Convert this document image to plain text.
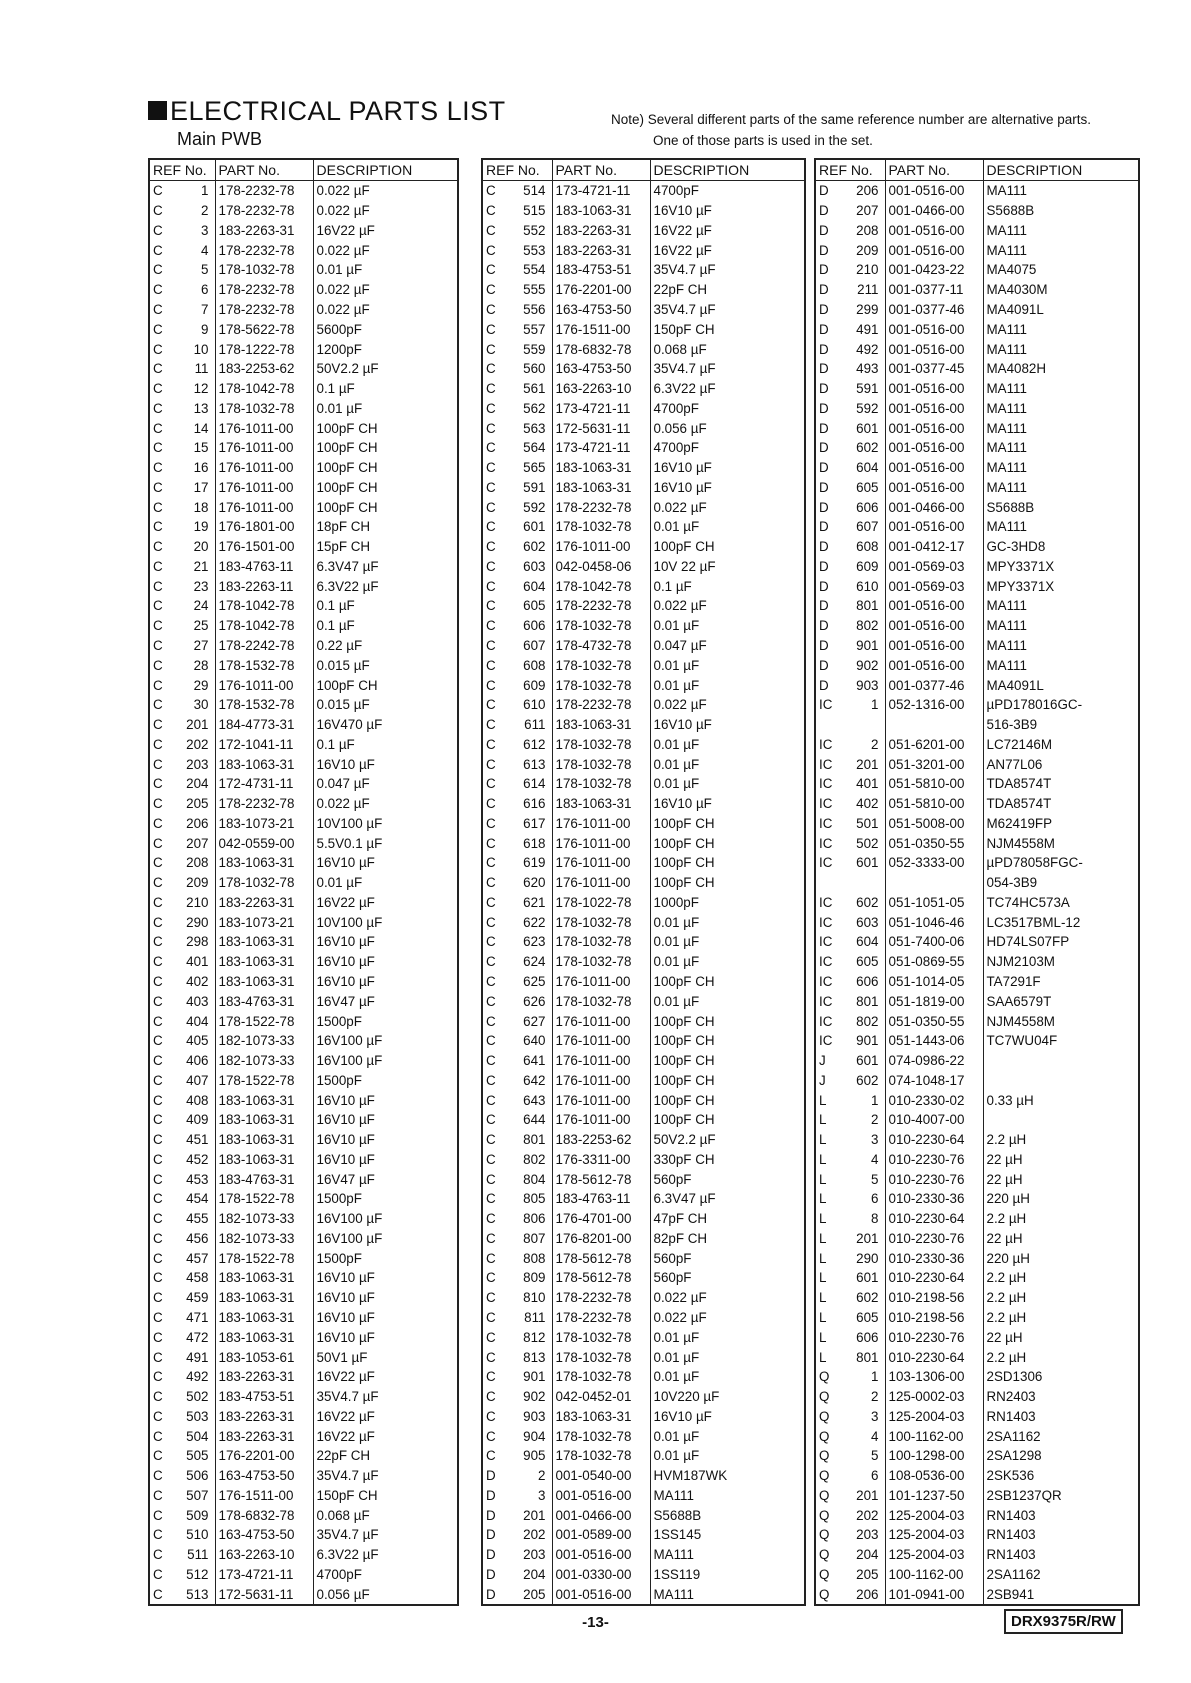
ELECTRICAL PARTS LIST
Main PWB
Note) Several different parts of the same reference number are alternative parts.
One of those parts is used in the set.
REF No.		PART No.	DESCRIPTION
C	1	178-2232-78	0.022 µF
C	2	178-2232-78	0.022 µF
C	3	183-2263-31	16V22 µF
C	4	178-2232-78	0.022 µF
C	5	178-1032-78	0.01 µF
C	6	178-2232-78	0.022 µF
C	7	178-2232-78	0.022 µF
C	9	178-5622-78	5600pF
C	10	178-1222-78	1200pF
C	11	183-2253-62	50V2.2 µF
C	12	178-1042-78	0.1 µF
C	13	178-1032-78	0.01 µF
C	14	176-1011-00	100pF CH
C	15	176-1011-00	100pF CH
C	16	176-1011-00	100pF CH
C	17	176-1011-00	100pF CH
C	18	176-1011-00	100pF CH
C	19	176-1801-00	18pF CH
C	20	176-1501-00	15pF CH
C	21	183-4763-11	6.3V47 µF
C	23	183-2263-11	6.3V22 µF
C	24	178-1042-78	0.1 µF
C	25	178-1042-78	0.1 µF
C	27	178-2242-78	0.22 µF
C	28	178-1532-78	0.015 µF
C	29	176-1011-00	100pF CH
C	30	178-1532-78	0.015 µF
C	201	184-4773-31	16V470 µF
C	202	172-1041-11	0.1 µF
C	203	183-1063-31	16V10 µF
C	204	172-4731-11	0.047 µF
C	205	178-2232-78	0.022 µF
C	206	183-1073-21	10V100 µF
C	207	042-0559-00	5.5V0.1 µF
C	208	183-1063-31	16V10 µF
C	209	178-1032-78	0.01 µF
C	210	183-2263-31	16V22 µF
C	290	183-1073-21	10V100 µF
C	298	183-1063-31	16V10 µF
C	401	183-1063-31	16V10 µF
C	402	183-1063-31	16V10 µF
C	403	183-4763-31	16V47 µF
C	404	178-1522-78	1500pF
C	405	182-1073-33	16V100 µF
C	406	182-1073-33	16V100 µF
C	407	178-1522-78	1500pF
C	408	183-1063-31	16V10 µF
C	409	183-1063-31	16V10 µF
C	451	183-1063-31	16V10 µF
C	452	183-1063-31	16V10 µF
C	453	183-4763-31	16V47 µF
C	454	178-1522-78	1500pF
C	455	182-1073-33	16V100 µF
C	456	182-1073-33	16V100 µF
C	457	178-1522-78	1500pF
C	458	183-1063-31	16V10 µF
C	459	183-1063-31	16V10 µF
C	471	183-1063-31	16V10 µF
C	472	183-1063-31	16V10 µF
C	491	183-1053-61	50V1 µF
C	492	183-2263-31	16V22 µF
C	502	183-4753-51	35V4.7 µF
C	503	183-2263-31	16V22 µF
C	504	183-2263-31	16V22 µF
C	505	176-2201-00	22pF CH
C	506	163-4753-50	35V4.7 µF
C	507	176-1511-00	150pF CH
C	509	178-6832-78	0.068 µF
C	510	163-4753-50	35V4.7 µF
C	511	163-2263-10	6.3V22 µF
C	512	173-4721-11	4700pF
C	513	172-5631-11	0.056 µF
REF No.		PART No.	DESCRIPTION
C	514	173-4721-11	4700pF
C	515	183-1063-31	16V10 µF
C	552	183-2263-31	16V22 µF
C	553	183-2263-31	16V22 µF
C	554	183-4753-51	35V4.7 µF
C	555	176-2201-00	22pF CH
C	556	163-4753-50	35V4.7 µF
C	557	176-1511-00	150pF CH
C	559	178-6832-78	0.068 µF
C	560	163-4753-50	35V4.7 µF
C	561	163-2263-10	6.3V22 µF
C	562	173-4721-11	4700pF
C	563	172-5631-11	0.056 µF
C	564	173-4721-11	4700pF
C	565	183-1063-31	16V10 µF
C	591	183-1063-31	16V10 µF
C	592	178-2232-78	0.022 µF
C	601	178-1032-78	0.01 µF
C	602	176-1011-00	100pF CH
C	603	042-0458-06	10V 22 µF
C	604	178-1042-78	0.1 µF
C	605	178-2232-78	0.022 µF
C	606	178-1032-78	0.01 µF
C	607	178-4732-78	0.047 µF
C	608	178-1032-78	0.01 µF
C	609	178-1032-78	0.01 µF
C	610	178-2232-78	0.022 µF
C	611	183-1063-31	16V10 µF
C	612	178-1032-78	0.01 µF
C	613	178-1032-78	0.01 µF
C	614	178-1032-78	0.01 µF
C	616	183-1063-31	16V10 µF
C	617	176-1011-00	100pF CH
C	618	176-1011-00	100pF CH
C	619	176-1011-00	100pF CH
C	620	176-1011-00	100pF CH
C	621	178-1022-78	1000pF
C	622	178-1032-78	0.01 µF
C	623	178-1032-78	0.01 µF
C	624	178-1032-78	0.01 µF
C	625	176-1011-00	100pF CH
C	626	178-1032-78	0.01 µF
C	627	176-1011-00	100pF CH
C	640	176-1011-00	100pF CH
C	641	176-1011-00	100pF CH
C	642	176-1011-00	100pF CH
C	643	176-1011-00	100pF CH
C	644	176-1011-00	100pF CH
C	801	183-2253-62	50V2.2 µF
C	802	176-3311-00	330pF CH
C	804	178-5612-78	560pF
C	805	183-4763-11	6.3V47 µF
C	806	176-4701-00	47pF CH
C	807	176-8201-00	82pF CH
C	808	178-5612-78	560pF
C	809	178-5612-78	560pF
C	810	178-2232-78	0.022 µF
C	811	178-2232-78	0.022 µF
C	812	178-1032-78	0.01 µF
C	813	178-1032-78	0.01 µF
C	901	178-1032-78	0.01 µF
C	902	042-0452-01	10V220 µF
C	903	183-1063-31	16V10 µF
C	904	178-1032-78	0.01 µF
C	905	178-1032-78	0.01 µF
D	2	001-0540-00	HVM187WK
D	3	001-0516-00	MA111
D	201	001-0466-00	S5688B
D	202	001-0589-00	1SS145
D	203	001-0516-00	MA111
D	204	001-0330-00	1SS119
D	205	001-0516-00	MA111
REF No.		PART No.	DESCRIPTION
D	206	001-0516-00	MA111
D	207	001-0466-00	S5688B
D	208	001-0516-00	MA111
D	209	001-0516-00	MA111
D	210	001-0423-22	MA4075
D	211	001-0377-11	MA4030M
D	299	001-0377-46	MA4091L
D	491	001-0516-00	MA111
D	492	001-0516-00	MA111
D	493	001-0377-45	MA4082H
D	591	001-0516-00	MA111
D	592	001-0516-00	MA111
D	601	001-0516-00	MA111
D	602	001-0516-00	MA111
D	604	001-0516-00	MA111
D	605	001-0516-00	MA111
D	606	001-0466-00	S5688B
D	607	001-0516-00	MA111
D	608	001-0412-17	GC-3HD8
D	609	001-0569-03	MPY3371X
D	610	001-0569-03	MPY3371X
D	801	001-0516-00	MA111
D	802	001-0516-00	MA111
D	901	001-0516-00	MA111
D	902	001-0516-00	MA111
D	903	001-0377-46	MA4091L
IC	1	052-1316-00	µPD178016GC-
			516-3B9
IC	2	051-6201-00	LC72146M
IC	201	051-3201-00	AN77L06
IC	401	051-5810-00	TDA8574T
IC	402	051-5810-00	TDA8574T
IC	501	051-5008-00	M62419FP
IC	502	051-0350-55	NJM4558M
IC	601	052-3333-00	µPD78058FGC-
			054-3B9
IC	602	051-1051-05	TC74HC573A
IC	603	051-1046-46	LC3517BML-12
IC	604	051-7400-06	HD74LS07FP
IC	605	051-0869-55	NJM2103M
IC	606	051-1014-05	TA7291F
IC	801	051-1819-00	SAA6579T
IC	802	051-0350-55	NJM4558M
IC	901	051-1443-06	TC7WU04F
J	601	074-0986-22	
J	602	074-1048-17	
L	1	010-2330-02	0.33 µH
L	2	010-4007-00	
L	3	010-2230-64	2.2 µH
L	4	010-2230-76	22 µH
L	5	010-2230-76	22 µH
L	6	010-2330-36	220 µH
L	8	010-2230-64	2.2 µH
L	201	010-2230-76	22 µH
L	290	010-2330-36	220 µH
L	601	010-2230-64	2.2 µH
L	602	010-2198-56	2.2 µH
L	605	010-2198-56	2.2 µH
L	606	010-2230-76	22 µH
L	801	010-2230-64	2.2 µH
Q	1	103-1306-00	2SD1306
Q	2	125-0002-03	RN2403
Q	3	125-2004-03	RN1403
Q	4	100-1162-00	2SA1162
Q	5	100-1298-00	2SA1298
Q	6	108-0536-00	2SK536
Q	201	101-1237-50	2SB1237QR
Q	202	125-2004-03	RN1403
Q	203	125-2004-03	RN1403
Q	204	125-2004-03	RN1403
Q	205	100-1162-00	2SA1162
Q	206	101-0941-00	2SB941
-13-	DRX9375R/RW
